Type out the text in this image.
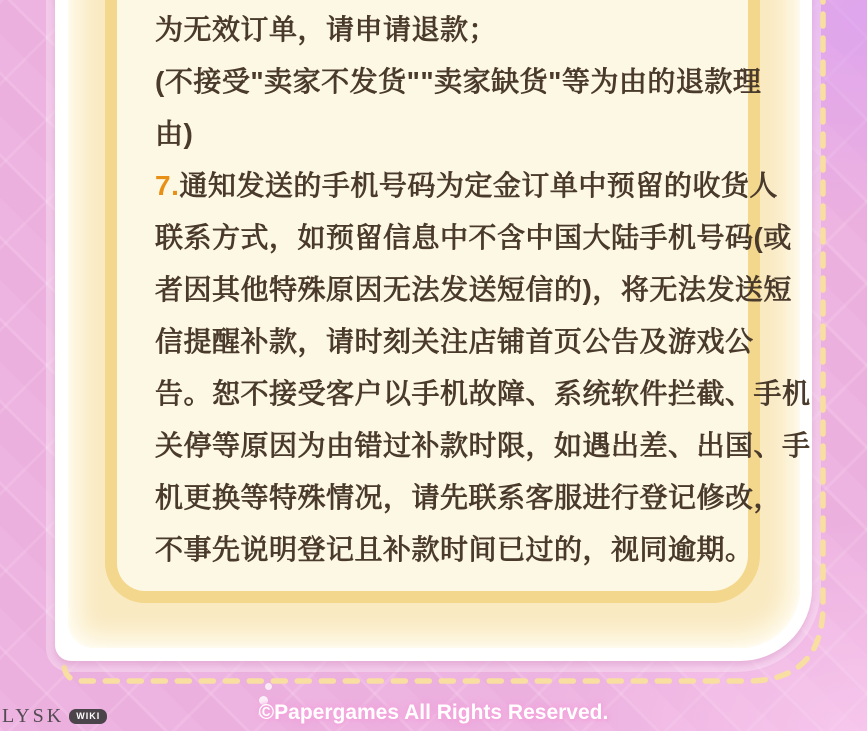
为无效订单，请申请退款；
(不接受"卖家不发货""卖家缺货"等为由的退款理
由)
7.通知发送的手机号码为定金订单中预留的收货人
联系方式，如预留信息中不含中国大陆手机号码(或
者因其他特殊原因无法发送短信的)，将无法发送短
信提醒补款，请时刻关注店铺首页公告及游戏公
告。恕不接受客户以手机故障、系统软件拦截、手机
关停等原因为由错过补款时限，如遇出差、出国、手
机更换等特殊情况，请先联系客服进行登记修改，
不事先说明登记且补款时间已过的，视同逾期。
LYSK	WIKI	©Papergames All Rights Reserved.
